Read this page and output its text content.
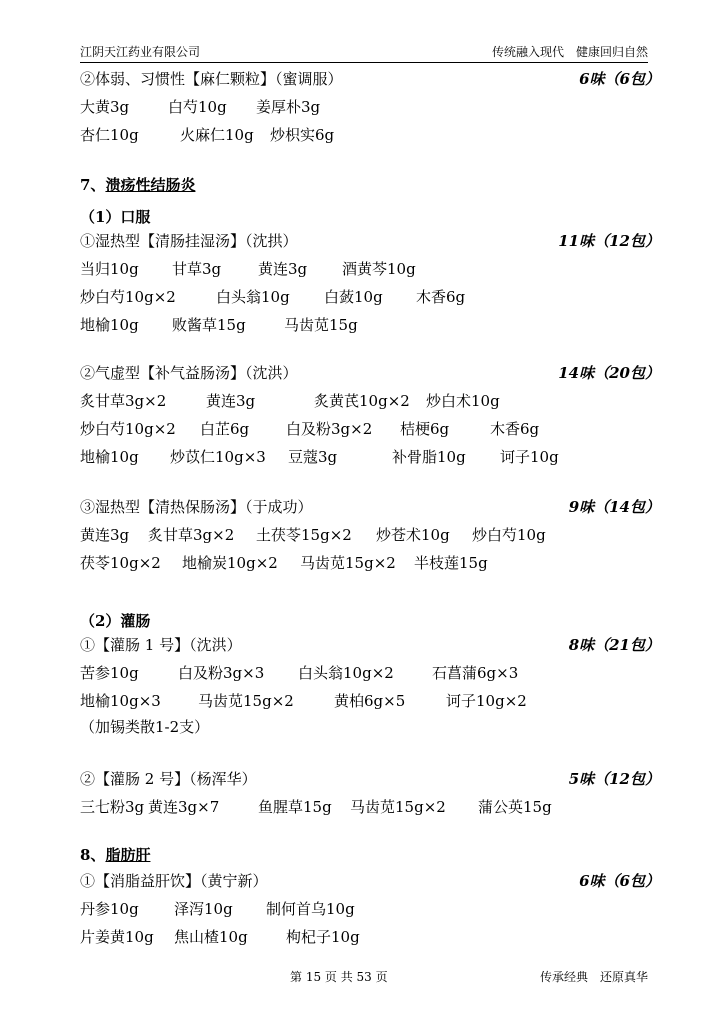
江阴天江药业有限公司	传统融入现代　健康回归自然
②体弱、习惯性【麻仁颗粒】（蜜调服）	6味（6包）
大黄3g	白芍10g 姜厚朴3g
杏仁10g	火麻仁10g 炒枳实6g
7、溃疡性结肠炎
（1）口服
①湿热型【清肠挂湿汤】（沈拱）	11味（12包）
当归10g 甘草3g 黄连3g 酒黄芩10g
炒白芍10g×2	白头翁10g 白蔹10g 木香6g
地榆10g 败酱草15g	马齿苋15g
②气虚型【补气益肠汤】（沈洪）	14味（20包）
炙甘草3g×2	黄连3g	炙黄芪10g×2 炒白术10g
炒白芍10g×2 白芷6g 白及粉3g×2 桔梗6g	木香6g
地榆10g 炒苡仁10g×3 豆蔻3g	补骨脂10g 诃子10g
③湿热型【清热保肠汤】（于成功）	9味（14包）
黄连3g 炙甘草3g×2 土茯苓15g×2 炒苍术10g 炒白芍10g
茯苓10g×2 地榆炭10g×2 马齿苋15g×2 半枝莲15g
（2）灌肠
①【灌肠 1 号】（沈洪）	8味（21包）
苦参10g	白及粉3g×3 白头翁10g×2	石菖蒲6g×3
地榆10g×3 马齿苋15g×2	黄柏6g×5	诃子10g×2
（加锡类散1-2支）
②【灌肠 2 号】（杨浑华）	5味（12包）
三七粉3g 黄连3g×7	鱼腥草15g 马齿苋15g×2 蒲公英15g
8、脂肪肝
①【消脂益肝饮】（黄宁新）	6味（6包）
丹参10g 泽泻10g 制何首乌10g
片姜黄10g 焦山楂10g	枸杞子10g
第 15 页 共 53 页	传承经典　还原真华
